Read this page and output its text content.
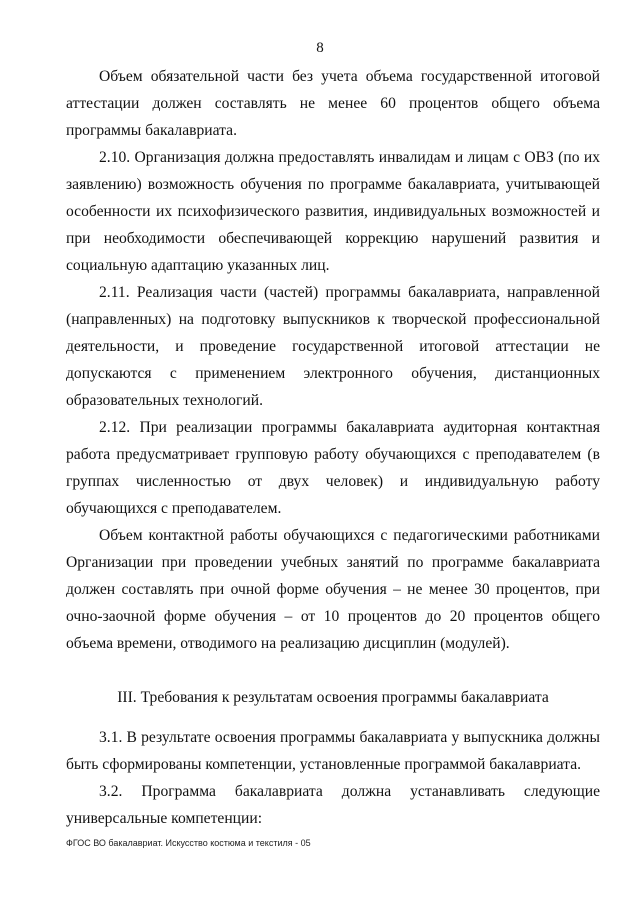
8

Объем обязательной части без учета объема государственной итоговой аттестации должен составлять не менее 60 процентов общего объема программы бакалавриата.

2.10. Организация должна предоставлять инвалидам и лицам с ОВЗ (по их заявлению) возможность обучения по программе бакалавриата, учитывающей особенности их психофизического развития, индивидуальных возможностей и при необходимости обеспечивающей коррекцию нарушений развития и социальную адаптацию указанных лиц.

2.11. Реализация части (частей) программы бакалавриата, направленной (направленных) на подготовку выпускников к творческой профессиональной деятельности, и проведение государственной итоговой аттестации не допускаются с применением электронного обучения, дистанционных образовательных технологий.

2.12. При реализации программы бакалавриата аудиторная контактная работа предусматривает групповую работу обучающихся с преподавателем (в группах численностью от двух человек) и индивидуальную работу обучающихся с преподавателем.

Объем контактной работы обучающихся с педагогическими работниками Организации при проведении учебных занятий по программе бакалавриата должен составлять при очной форме обучения – не менее 30 процентов, при очно-заочной форме обучения – от 10 процентов до 20 процентов общего объема времени, отводимого на реализацию дисциплин (модулей).

III. Требования к результатам освоения программы бакалавриата

3.1. В результате освоения программы бакалавриата у выпускника должны быть сформированы компетенции, установленные программой бакалавриата.

3.2. Программа бакалавриата должна устанавливать следующие универсальные компетенции:

ФГОС ВО бакалавриат. Искусство костюма и текстиля - 05
